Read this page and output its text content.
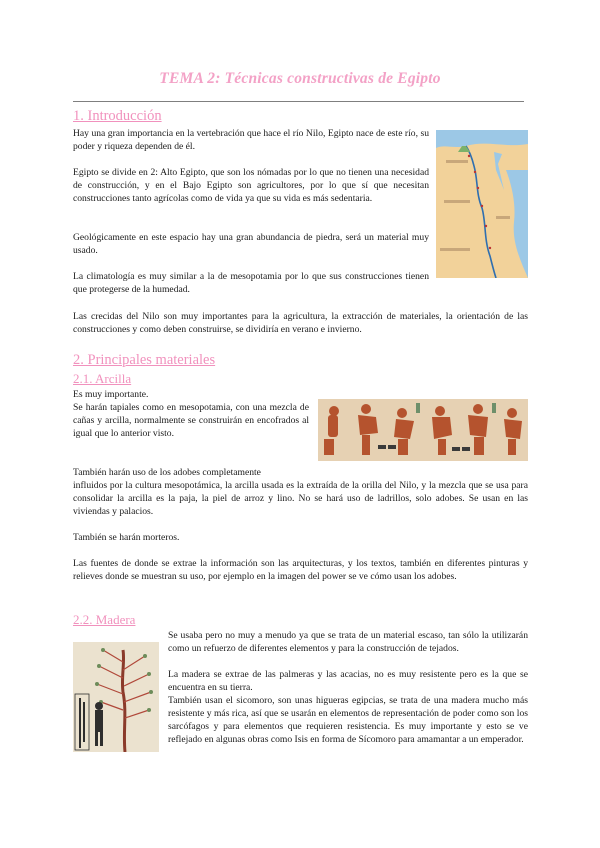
TEMA 2: Técnicas constructivas de Egipto
1. Introducción
Hay una gran importancia en la vertebración que hace el río Nilo, Egipto nace de este río, su poder y riqueza dependen de él.
Egipto se divide en 2: Alto Egipto, que son los nómadas por lo que no tienen una necesidad de construcción, y en el Bajo Egipto son agricultores, por lo que sí que necesitan construcciones tanto agrícolas como de vida ya que su vida es más sedentaria.
Geológicamente en este espacio hay una gran abundancia de piedra, será un material muy usado.
La climatología es muy similar a la de mesopotamia por lo que sus construcciones tienen que protegerse de la humedad.
Las crecidas del Nilo son muy importantes para la agricultura, la extracción de materiales, la orientación de las construcciones y como deben construirse, se dividiría en verano e invierno.
2. Principales materiales
2.1. Arcilla
Es muy importante.
Se harán tapiales como en mesopotamia, con una mezcla de cañas y arcilla, normalmente se construirán en encofrados al igual que lo anterior visto.
También harán uso de los adobes completamente
influidos por la cultura mesopotámica, la arcilla usada es la extraída de la orilla del Nilo, y la mezcla que se usa para consolidar la arcilla es la paja, la piel de arroz y lino. No se hará uso de ladrillos, solo adobes. Se usan en las viviendas y palacios.
También se harán morteros.
Las fuentes de donde se extrae la información son las arquitecturas, y los textos, también en diferentes pinturas y relieves donde se muestran su uso, por ejemplo en la imagen del power se ve cómo usan los adobes.
2.2. Madera
Se usaba pero no muy a menudo ya que se trata de un material escaso, tan sólo la utilizarán como un refuerzo de diferentes elementos y para la construcción de tejados.
La madera se extrae de las palmeras y las acacias, no es muy resistente pero es la que se encuentra en su tierra.
También usan el sicomoro, son unas higueras egipcias, se trata de una madera mucho más resistente y más rica, así que se usarán en elementos de representación de poder como son los sarcófagos y para elementos que requieren resistencia. Es muy importante y esto se ve reflejado en algunas obras como Isis en forma de Sícomoro para amamantar a un emperador.
